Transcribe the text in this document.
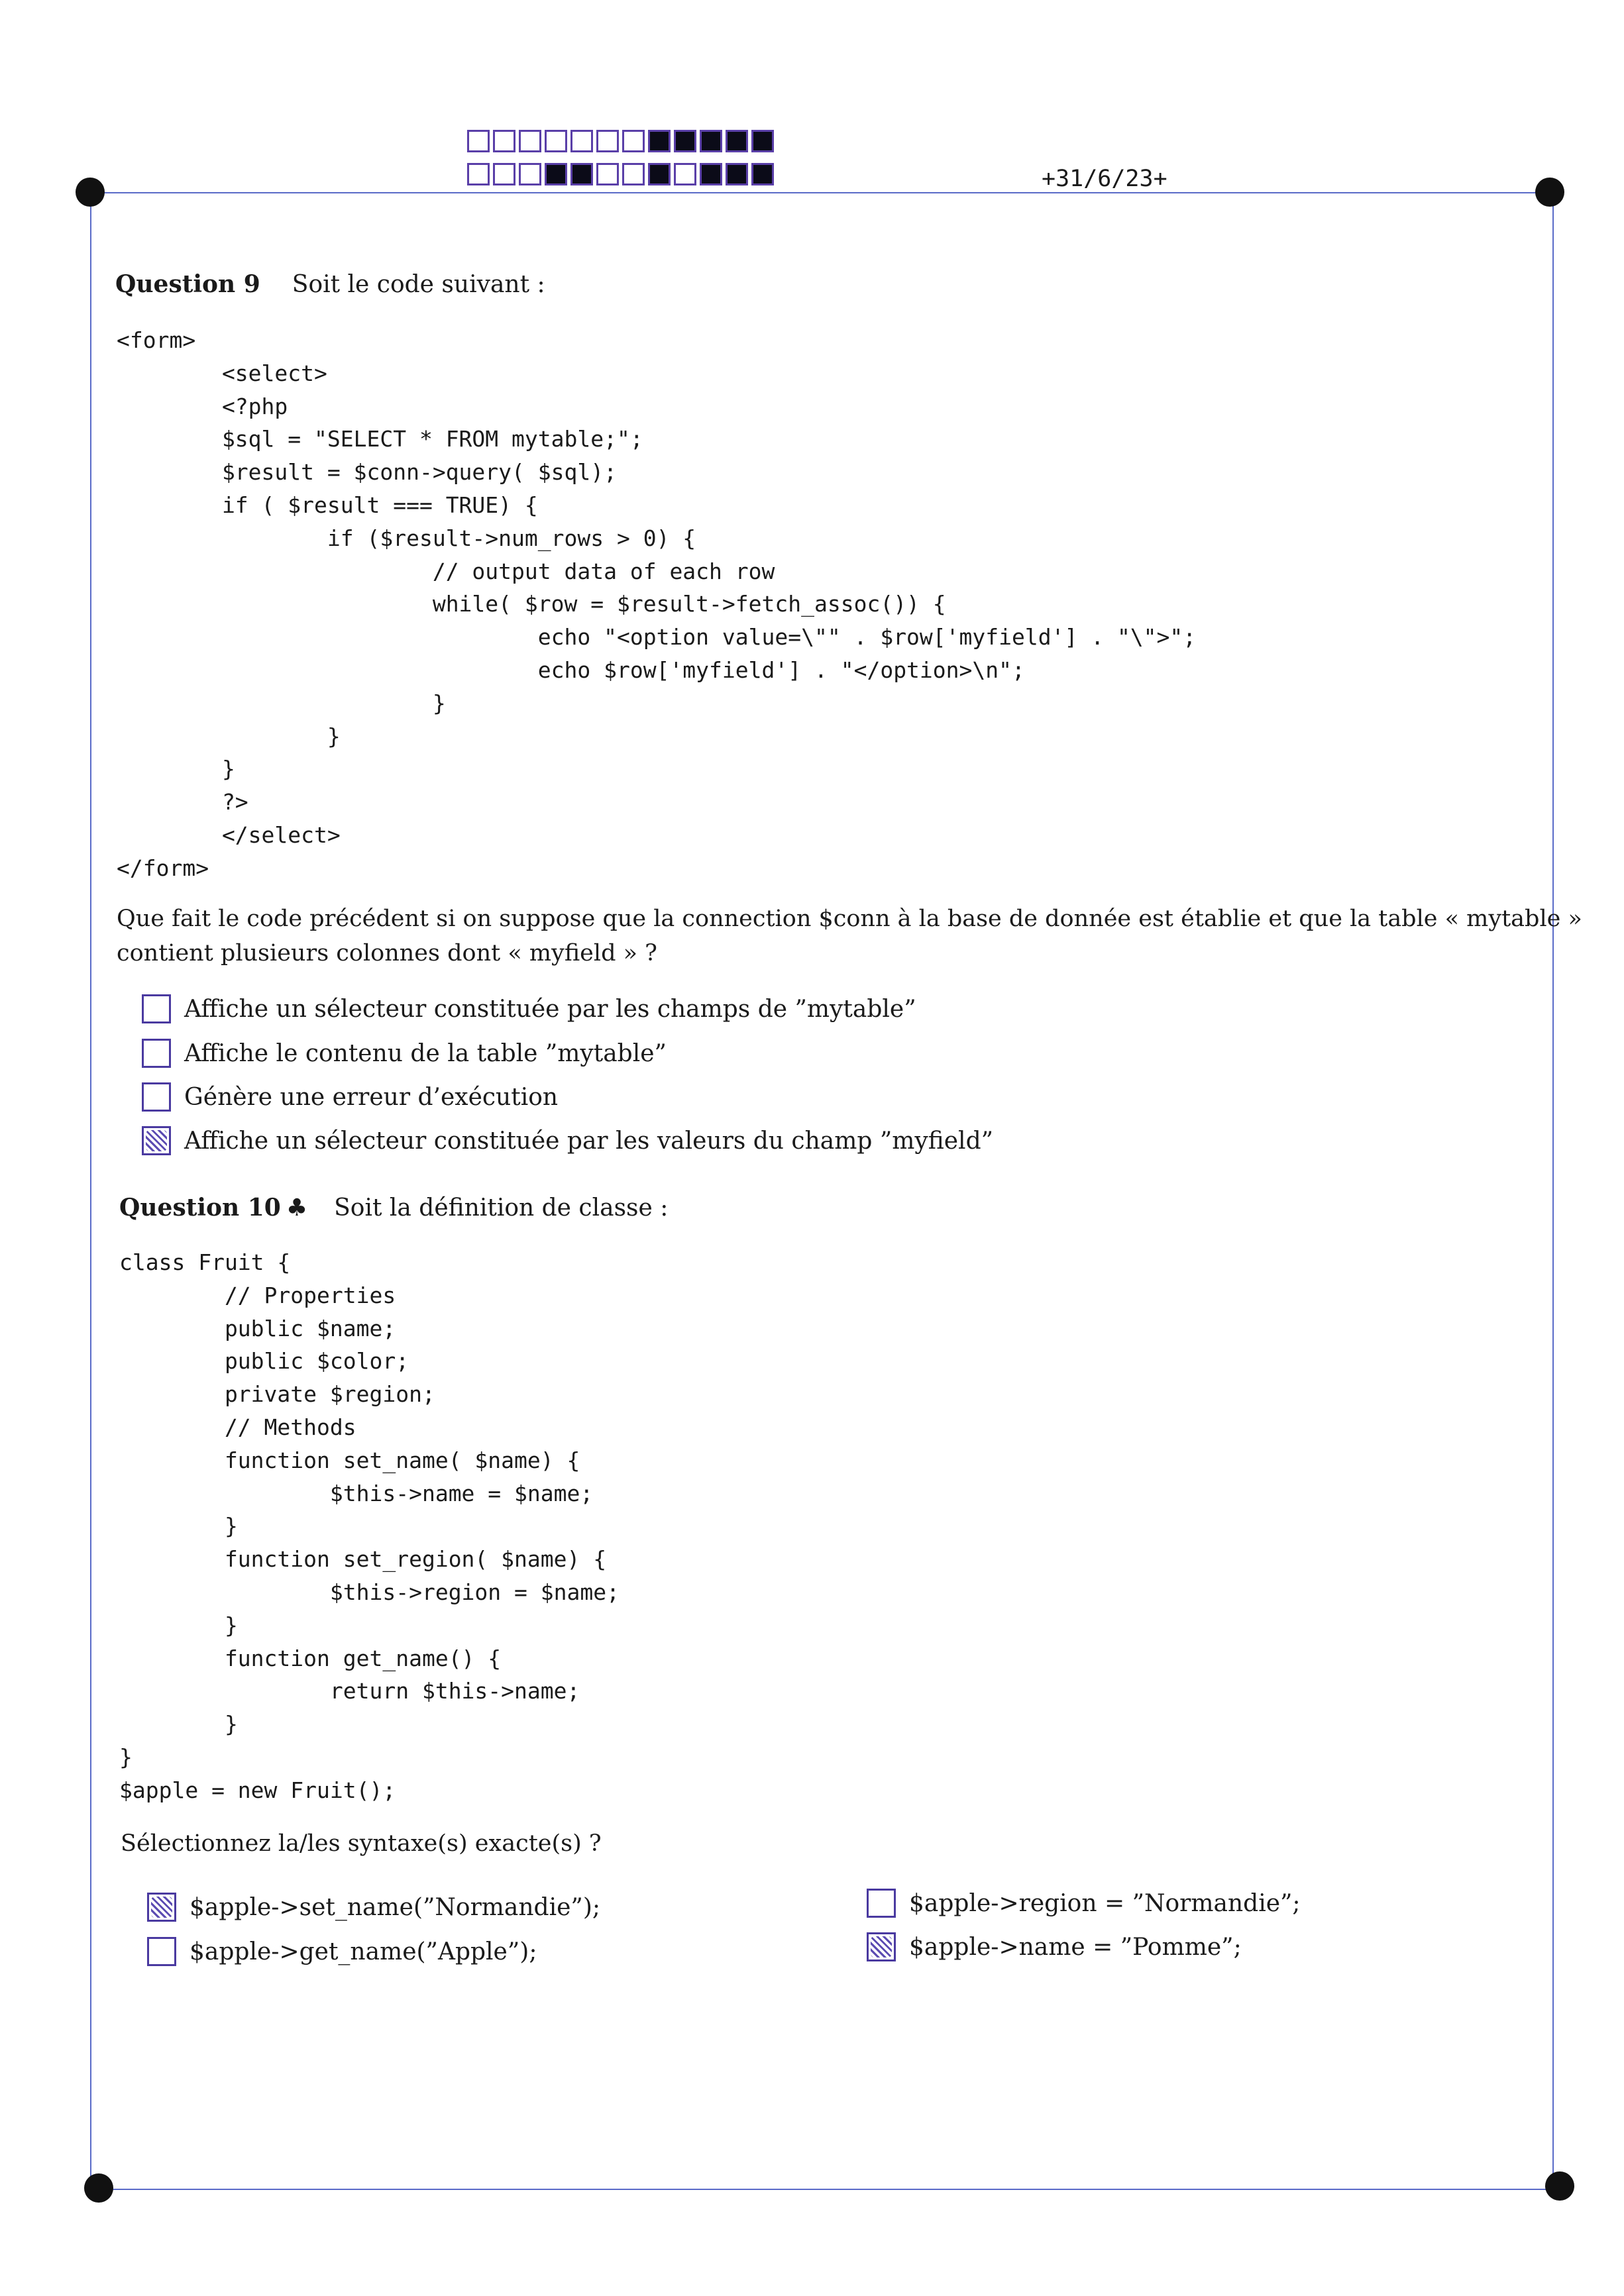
+31/6/23+
Question 9 Soit le code suivant :
<form>
<select>
<?php
$sql = "SELECT * FROM mytable;";
$result = $conn->query( $sql);
if ( $result === TRUE) {
if ($result->num_rows > 0) {
// output data of each row
while( $row = $result->fetch_assoc()) {
echo "<option value=\"" . $row['myfield'] . "\">";
echo $row['myfield'] . "</option>\n";
}
}
}
?>
</select>
</form>
Que fait le code précédent si on suppose que la connection $conn à la base de donnée est établie et que la table « mytable »
contient plusieurs colonnes dont « myfield » ?
Affiche un sélecteur constituée par les champs de ”mytable”
Affiche le contenu de la table ”mytable”
Génère une erreur d’exécution
Affiche un sélecteur constituée par les valeurs du champ ”myfield”
Question 10 ♣ Soit la définition de classe :
class Fruit {
// Properties
public $name;
public $color;
private $region;
// Methods
function set_name( $name) {
$this->name = $name;
}
function set_region( $name) {
$this->region = $name;
}
function get_name() {
return $this->name;
}
}
$apple = new Fruit();
Sélectionnez la/les syntaxe(s) exacte(s) ?
$apple->set_name(”Normandie”);
$apple->get_name(”Apple”);
$apple->region = ”Normandie”;
$apple->name = ”Pomme”;
